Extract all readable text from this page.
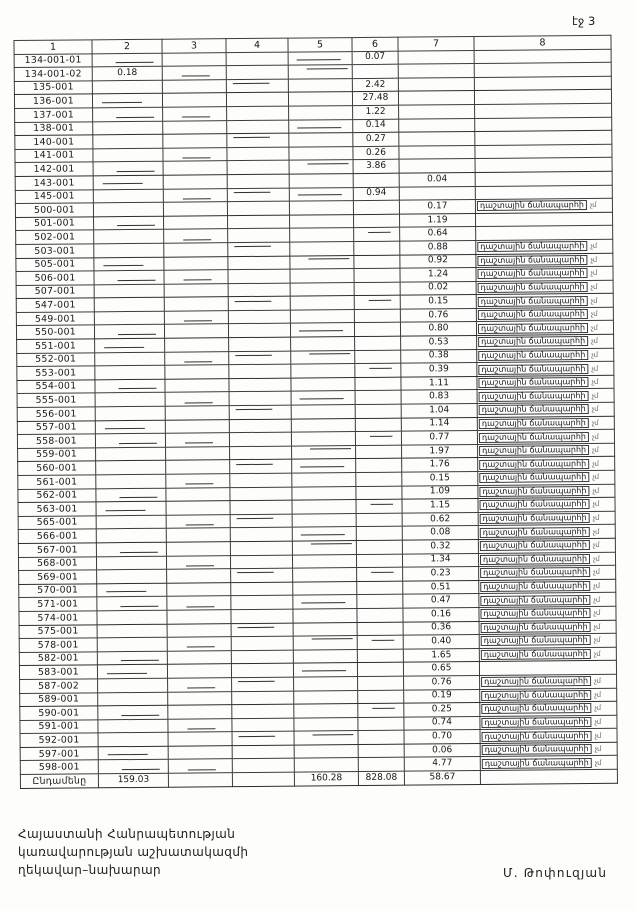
էջ 3
1	2	3	4	5	6	7	8
134-001-01					0.07		
134-001-02	0.18						
135-001					2.42		
136-001					27.48		
137-001					1.22		
138-001					0.14		
140-001					0.27		
141-001					0.26		
142-001					3.86		
143-001						0.04	
145-001					0.94		
500-001						0.17	դաշտային ճանապարհի չմ
501-001						1.19	
502-001						0.64	
503-001						0.88	դաշտային ճանապարհի չմ
505-001						0.92	դաշտային ճանապարհի չմ
506-001						1.24	դաշտային ճանապարհի չմ
507-001						0.02	դաշտային ճանապարհի չմ
547-001						0.15	դաշտային ճանապարհի չմ
549-001						0.76	դաշտային ճանապարհի չմ
550-001						0.80	դաշտային ճանապարհի չմ
551-001						0.53	դաշտային ճանապարհի չմ
552-001						0.38	դաշտային ճանապարհի չմ
553-001						0.39	դաշտային ճանապարհի չմ
554-001						1.11	դաշտային ճանապարհի չմ
555-001						0.83	դաշտային ճանապարհի չմ
556-001						1.04	դաշտային ճանապարհի չմ
557-001						1.14	դաշտային ճանապարհի չմ
558-001						0.77	դաշտային ճանապարհի չմ
559-001						1.97	դաշտային ճանապարհի չմ
560-001						1.76	դաշտային ճանապարհի չմ
561-001						0.15	դաշտային ճանապարհի չմ
562-001						1.09	դաշտային ճանապարհի չմ
563-001						1.15	դաշտային ճանապարհի չմ
565-001						0.62	դաշտային ճանապարհի չմ
566-001						0.08	դաշտային ճանապարհի չմ
567-001						0.32	դաշտային ճանապարհի չմ
568-001						1.34	դաշտային ճանապարհի չմ
569-001						0.23	դաշտային ճանապարհի չմ
570-001						0.51	դաշտային ճանապարհի չմ
571-001						0.47	դաշտային ճանապարհի չմ
574-001						0.16	դաշտային ճանապարհի չմ
575-001						0.36	դաշտային ճանապարհի չմ
578-001						0.40	դաշտային ճանապարհի չմ
582-001						1.65	դաշտային ճանապարհի չմ
583-001						0.65	
587-002						0.76	դաշտային ճանապարհի չմ
589-001						0.19	դաշտային ճանապարհի չմ
590-001						0.25	դաշտային ճանապարհի չմ
591-001						0.74	դաշտային ճանապարհի չմ
592-001						0.70	դաշտային ճանապարհի չմ
597-001						0.06	դաշտային ճանապարհի չմ
598-001						4.77	դաշտային ճանապարհի չմ
Ընդամենը	159.03			160.28	828.08	58.67	
Հայաստանի Հանրապետության
կառավարության աշխատակազմի
ղեկավար–նախարար	Մ. Թոփուզյան
